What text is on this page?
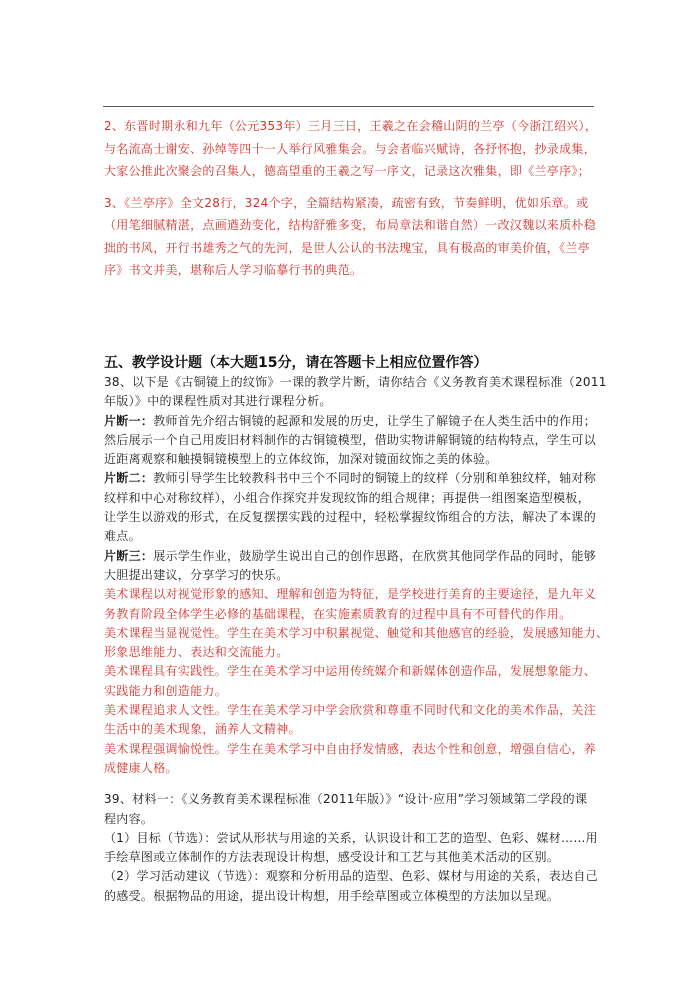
2、东晋时期永和九年（公元353年）三月三日，王羲之在会稽山阴的兰亭（今浙江绍兴），

与名流高士谢安、孙绰等四十一人举行风雅集会。与会者临兴赋诗，各抒怀抱，抄录成集，

大家公推此次聚会的召集人，德高望重的王羲之写一序文，记录这次雅集，即《兰亭序》；

3、《兰亭序》全文28行，324个字，全篇结构紧凑，疏密有致，节奏鲜明，优如乐章。或

（用笔细腻精湛，点画遒劲变化，结构舒雅多变，布局章法和谐自然）一改汉魏以来质朴稳

拙的书风，开行书雄秀之气的先河，是世人公认的书法瑰宝，具有极高的审美价值，《兰亭

序》书文并美，堪称后人学习临摹行书的典范。

五、教学设计题（本大题15分，请在答题卡上相应位置作答）

38、以下是《古铜镜上的纹饰》一课的教学片断，请你结合《义务教育美术课程标准（2011

年版）》中的课程性质对其进行课程分析。

片断一：教师首先介绍古铜镜的起源和发展的历史，让学生了解镜子在人类生活中的作用；

然后展示一个自己用废旧材料制作的古铜镜模型，借助实物讲解铜镜的结构特点，学生可以

近距离观察和触摸铜镜模型上的立体纹饰，加深对镜面纹饰之美的体验。

片断二：教师引导学生比较教科书中三个不同时的铜镜上的纹样（分别和单独纹样，轴对称

纹样和中心对称纹样），小组合作探究并发现纹饰的组合规律；再提供一组图案造型模板，

让学生以游戏的形式，在反复摆摆实践的过程中，轻松掌握纹饰组合的方法，解决了本课的

难点。

片断三：展示学生作业，鼓励学生说出自己的创作思路，在欣赏其他同学作品的同时，能够

大胆提出建议，分享学习的快乐。

美术课程以对视觉形象的感知、理解和创造为特征，是学校进行美育的主要途径，是九年义

务教育阶段全体学生必修的基础课程，在实施素质教育的过程中具有不可替代的作用。

美术课程当显视觉性。学生在美术学习中积累视觉、触觉和其他感官的经验，发展感知能力、

形象思维能力、表达和交流能力。

美术课程具有实践性。学生在美术学习中运用传统媒介和新媒体创造作品，发展想象能力、

实践能力和创造能力。

美术课程追求人文性。学生在美术学习中学会欣赏和尊重不同时代和文化的美术作品，关注

生活中的美术现象，涵养人文精神。

美术课程强调愉悦性。学生在美术学习中自由抒发情感，表达个性和创意，增强自信心，养

成健康人格。

39、材料一：《义务教育美术课程标准（2011年版）》“设计·应用”学习领域第二学段的课

程内容。

（1）目标（节选）：尝试从形状与用途的关系，认识设计和工艺的造型、色彩、媒材……用

手绘草图或立体制作的方法表现设计构想，感受设计和工艺与其他美术活动的区别。

（2）学习活动建议（节选）：观察和分析用品的造型、色彩、媒材与用途的关系，表达自己

的感受。根据物品的用途，提出设计构想，用手绘草图或立体模型的方法加以呈现。
